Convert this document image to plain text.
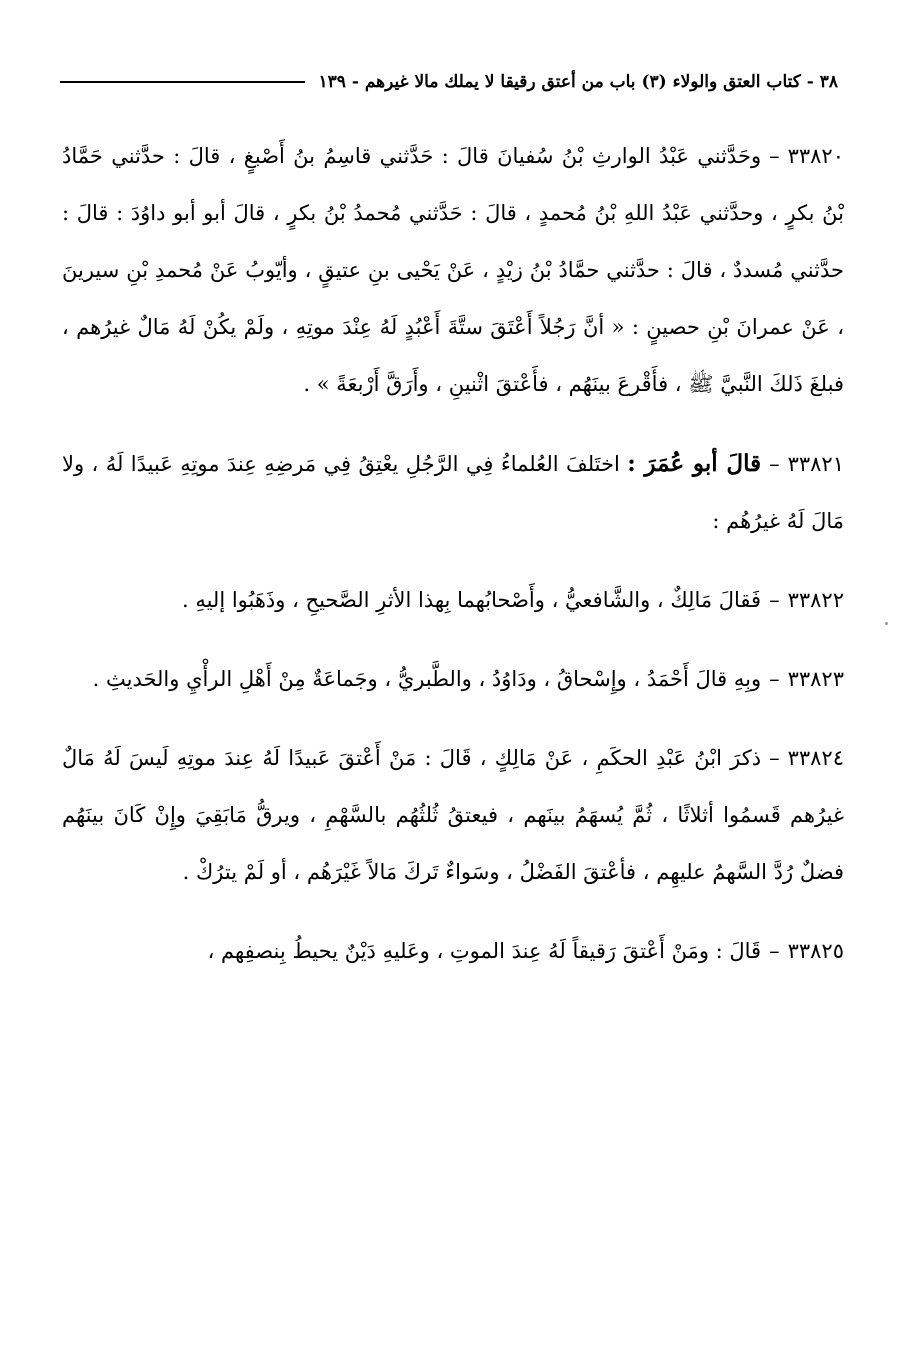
٣٨ - كتاب العتق والولاء (٣) باب من أعتق رقيقا لا يملك مالا غيرهم - ١٣٩

٣٣٨٢٠–وحَدَّثني عَبْدُ الوارثِ بْنُ سُفيانَ قالَ : حَدَّثني قاسِمُ بنُ أَصْبغٍ ، قالَ : حدَّثني حَمَّادُ بْنُ بكرٍ ، وحدَّثني عَبْدُ اللهِ بْنُ مُحمدٍ ، قالَ : حَدَّثني مُحمدُ بْنُ بكرٍ ، قالَ أبو أبو داوُدَ : قالَ : حدَّثني مُسددٌ ، قالَ : حدَّثني حمَّادُ بْنُ زيْدٍ ، عَنْ يَحْيى بنِ عتيقٍ ، وأيّوبُ عَنْ مُحمدِ بْنِ سيرينَ ، عَنْ عمرانَ بْنِ حصينٍ : « أنَّ رَجُلاً أَعْتَقَ ستَّةَ أَعْبُدٍ لَهُ عِنْدَ موتِهِ ، ولَمْ يكُنْ لَهُ مَالٌ غيرُهم ، فبلغَ ذَلكَ النَّبيَّ ﷺ ، فأَقْرعَ بينَهُم ، فأَعْتقَ اثْنينِ ، وأَرَقَّ أَرْبعَةً » .

٣٣٨٢١–قالَ أبو عُمَرَ : اختَلفَ العُلماءُ فِي الرَّجُلِ يعْتِقُ فِي مَرضِهِ عِندَ موتِهِ عَبيدًا لَهُ ، ولا مَالَ لَهُ غيرُهُم :

٣٣٨٢٢–فَقالَ مَالِكٌ ، والشَّافعيُّ ، وأَصْحابُهما بِهذا الأثرِ الصَّحيحِ ، وذَهَبُوا إليهِ .

٣٣٨٢٣–وبِهِ قالَ أَحْمَدُ ، وإِسْحاقُ ، ودَاوُدُ ، والطَّبريُّ ، وجَماعَةٌ مِنْ أَهْلِ الرأْيِ والحَديثِ .

٣٣٨٢٤–ذكرَ ابْنُ عَبْدِ الحكَمِ ، عَنْ مَالِكٍ ، قَالَ : مَنْ أَعْتقَ عَبيدًا لَهُ عِندَ موتِهِ لَيسَ لَهُ مَالٌ غيرُهم قَسمُوا أثلاثًا ، ثُمَّ يُسهَمُ بينَهم ، فيعتقُ ثُلثُهُم بالسَّهْمِ ، ويرقُّ مَابَقِيَ وإِنْ كَانَ بينَهُم فضلٌ رُدَّ السَّهمُ عليهِم ، فأعْتقَ الفَضْلُ ، وسَواءٌ تَركَ مَالاً غَيْرَهُم ، أو لَمْ يترُكْ .

٣٣٨٢٥–قَالَ : ومَنْ أَعْتقَ رَقيقاً لَهُ عِندَ الموتِ ، وعَليهِ دَيْنٌ يحيطُ بِنصفِهم ،
